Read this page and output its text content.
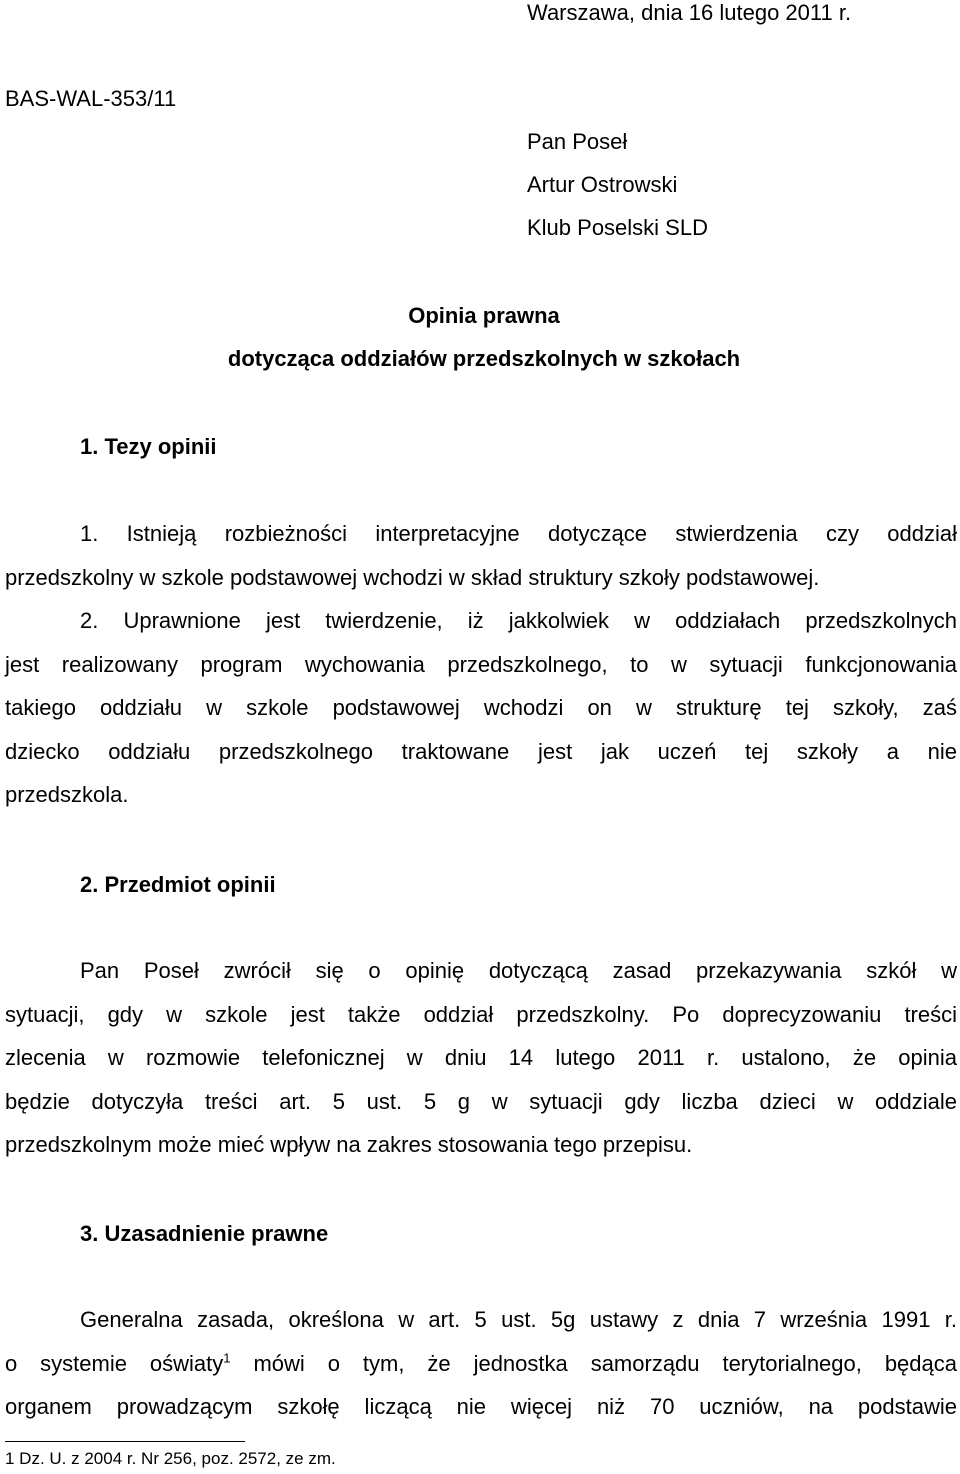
Warszawa, dnia 16 lutego 2011 r.
BAS-WAL-353/11
Pan Poseł
Artur Ostrowski
Klub Poselski SLD
Opinia prawna
dotycząca oddziałów przedszkolnych w szkołach
1. Tezy opinii
1. Istnieją rozbieżności interpretacyjne dotyczące stwierdzenia czy oddział
przedszkolny w szkole podstawowej wchodzi w skład struktury szkoły podstawowej.
2. Uprawnione jest twierdzenie, iż jakkolwiek w oddziałach przedszkolnych
jest realizowany program wychowania przedszkolnego, to w sytuacji funkcjonowania
takiego oddziału w szkole podstawowej wchodzi on w strukturę tej szkoły, zaś
dziecko oddziału przedszkolnego traktowane jest jak uczeń tej szkoły a nie
przedszkola.
2. Przedmiot opinii
Pan Poseł zwrócił się o opinię dotyczącą zasad przekazywania szkół w
sytuacji, gdy w szkole jest także oddział przedszkolny. Po doprecyzowaniu treści
zlecenia w rozmowie telefonicznej w dniu 14 lutego 2011 r. ustalono, że opinia
będzie dotyczyła treści art. 5 ust. 5 g w sytuacji gdy liczba dzieci w oddziale
przedszkolnym może mieć wpływ na zakres stosowania tego przepisu.
3. Uzasadnienie prawne
Generalna zasada, określona w art. 5 ust. 5g ustawy z dnia 7 września 1991 r.
o systemie oświaty$^1$ mówi o tym, że jednostka samorządu terytorialnego, będąca
organem prowadzącym szkołę liczącą nie więcej niż 70 uczniów, na podstawie
1 Dz. U. z 2004 r. Nr 256, poz. 2572, ze zm.
